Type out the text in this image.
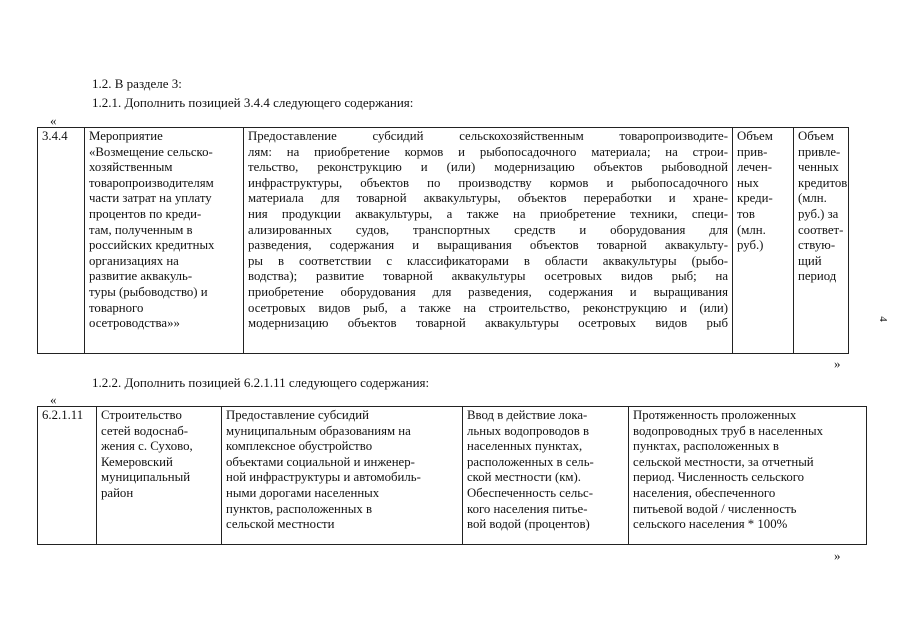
1.2. В разделе 3:
1.2.1. Дополнить позицией 3.4.4 следующего содержания:
«
3.4.4	Мероприятие
«Возмещение сельско-
хозяйственным
товаропроизводителям
части затрат на уплату
процентов по креди-
там, полученным в
российских кредитных
организациях на
развитие аквакуль-
туры (рыбоводство) и
товарного
осетроводства»»	Предоставление субсидий сельскохозяйственным товаропроизводите-
лям: на приобретение кормов и рыбопосадочного материала; на строи-
тельство, реконструкцию и (или) модернизацию объектов рыбоводной
инфраструктуры, объектов по производству кормов и рыбопосадочного
материала для товарной аквакультуры, объектов переработки и хране-
ния продукции аквакультуры, а также на приобретение техники, специ-
ализированных судов, транспортных средств и оборудования для
разведения, содержания и выращивания объектов товарной аквакульту-
ры в соответствии с классификаторами в области аквакультуры (рыбо-
водства); развитие товарной аквакультуры осетровых видов рыб; на
приобретение оборудования для разведения, содержания и выращивания
осетровых видов рыб, а также на строительство, реконструкцию и (или)
модернизацию объектов товарной аквакультуры осетровых видов рыб	Объем
прив-
лечен-
ных
креди-
тов
(млн.
руб.)	Объем
привле-
ченных
кредитов
(млн.
руб.) за
соответ-
ствую-
щий
период
»
1.2.2. Дополнить позицией 6.2.1.11 следующего содержания:
«
6.2.1.11	Строительство
сетей водоснаб-
жения с. Сухово,
Кемеровский
муниципальный
район	Предоставление субсидий
муниципальным образованиям на
комплексное обустройство
объектами социальной и инженер-
ной инфраструктуры и автомобиль-
ными дорогами населенных
пунктов, расположенных в
сельской местности	Ввод в действие лока-
льных водопроводов в
населенных пунктах,
расположенных в сель-
ской местности (км).
Обеспеченность сельс-
кого населения питье-
вой водой (процентов)	Протяженность проложенных
водопроводных труб в населенных
пунктах, расположенных в
сельской местности, за отчетный
период. Численность сельского
населения, обеспеченного
питьевой водой / численность
сельского населения * 100%
»
4
